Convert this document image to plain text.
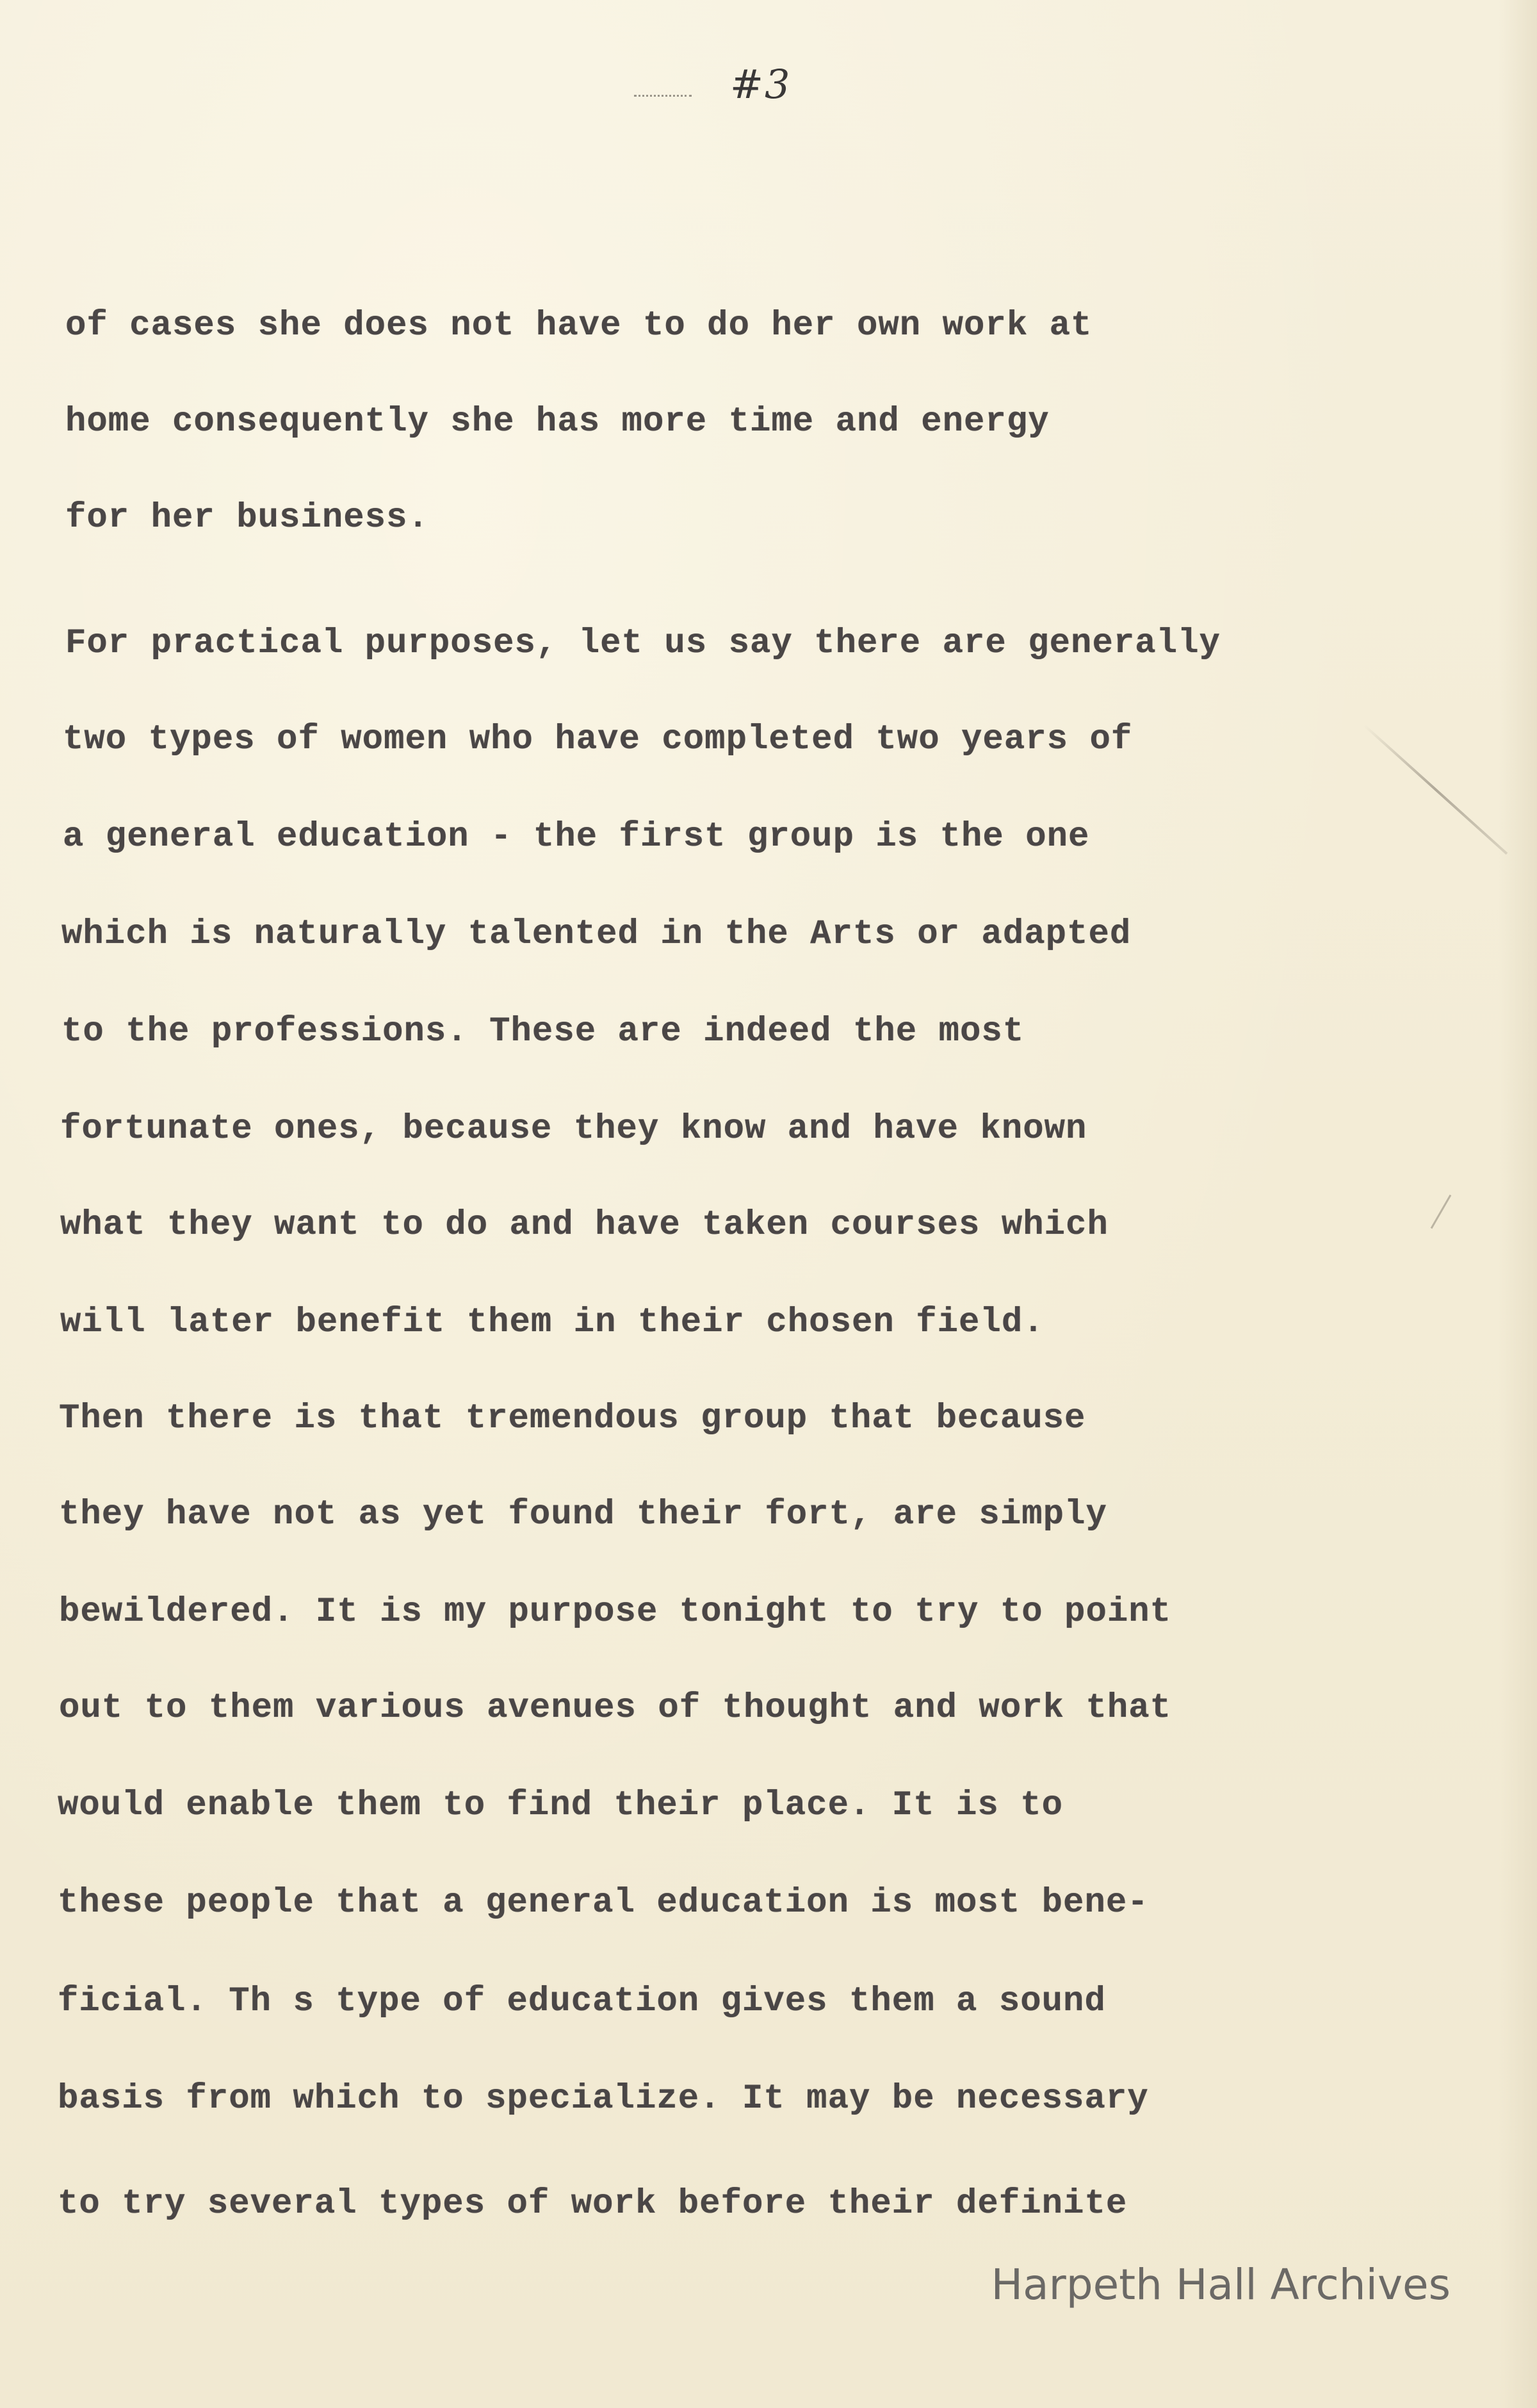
#3
of cases she does not have to do her own work at
home consequently she has more time and energy
for her business.
For practical purposes, let us say there are generally
two types of women who have completed two years of
a general education - the first group is the one
which is naturally talented in the Arts or adapted
to the professions. These are indeed the most
fortunate ones, because they know and have known
what they want to do and have taken courses which
will later benefit them in their chosen field.
Then there is that tremendous group that because
they have not as yet found their fort, are simply
bewildered. It is my purpose tonight to try to point
out to them various avenues of thought and work that
would enable them to find their place. It is to
these people that a general education is most bene-
ficial. Th s type of education gives them a sound
basis from which to specialize. It may be necessary
to try several types of work before their definite
Harpeth Hall Archives
